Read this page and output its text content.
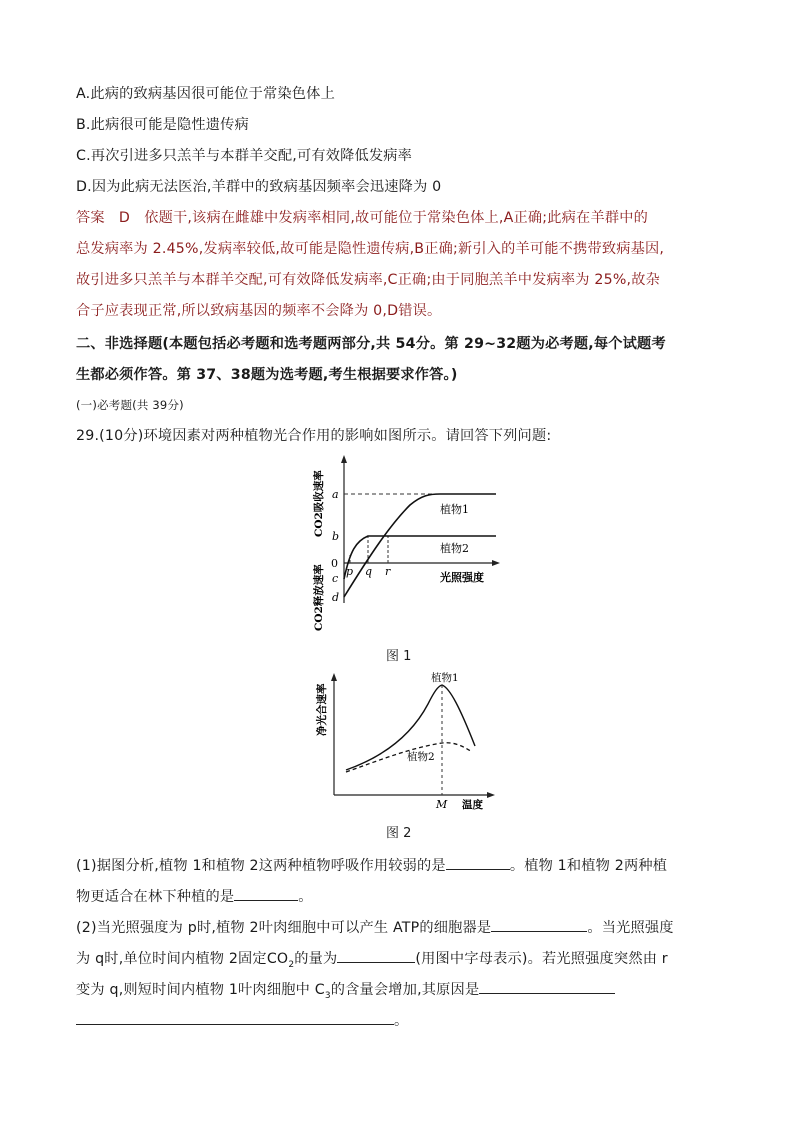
A.此病的致病基因很可能位于常染色体上
B.此病很可能是隐性遗传病
C.再次引进多只羔羊与本群羊交配,可有效降低发病率
D.因为此病无法医治,羊群中的致病基因频率会迅速降为 0
答案 D 依题干,该病在雌雄中发病率相同,故可能位于常染色体上,A正确;此病在羊群中的
总发病率为 2.45%,发病率较低,故可能是隐性遗传病,B正确;新引入的羊可能不携带致病基因,
故引进多只羔羊与本群羊交配,可有效降低发病率,C正确;由于同胞羔羊中发病率为 25%,故杂
合子应表现正常,所以致病基因的频率不会降为 0,D错误。
二、非选择题(本题包括必考题和选考题两部分,共 54分。第 29~32题为必考题,每个试题考
生都必须作答。第 37、38题为选考题,考生根据要求作答。)
(一)必考题(共 39分)
29.(10分)环境因素对两种植物光合作用的影响如图所示。请回答下列问题:
a
b
0
c
d
p q r
植物1
植物2
光照强度
CO2吸收速率
CO2释放速率
图 1
植物1
植物2
M 温度
净光合速率
图 2
(1)据图分析,植物 1和植物 2这两种植物呼吸作用较弱的是	。植物 1和植物 2两种植
物更适合在林下种植的是	。
(2)当光照强度为 p时,植物 2叶肉细胞中可以产生 ATP的细胞器是	。当光照强度
为 q时,单位时间内植物 2固定$CO_2$的量为	(用图中字母表示)。若光照强度突然由 r
变为 q,则短时间内植物 1叶肉细胞中 $C_3$的含量会增加,其原因是
。
